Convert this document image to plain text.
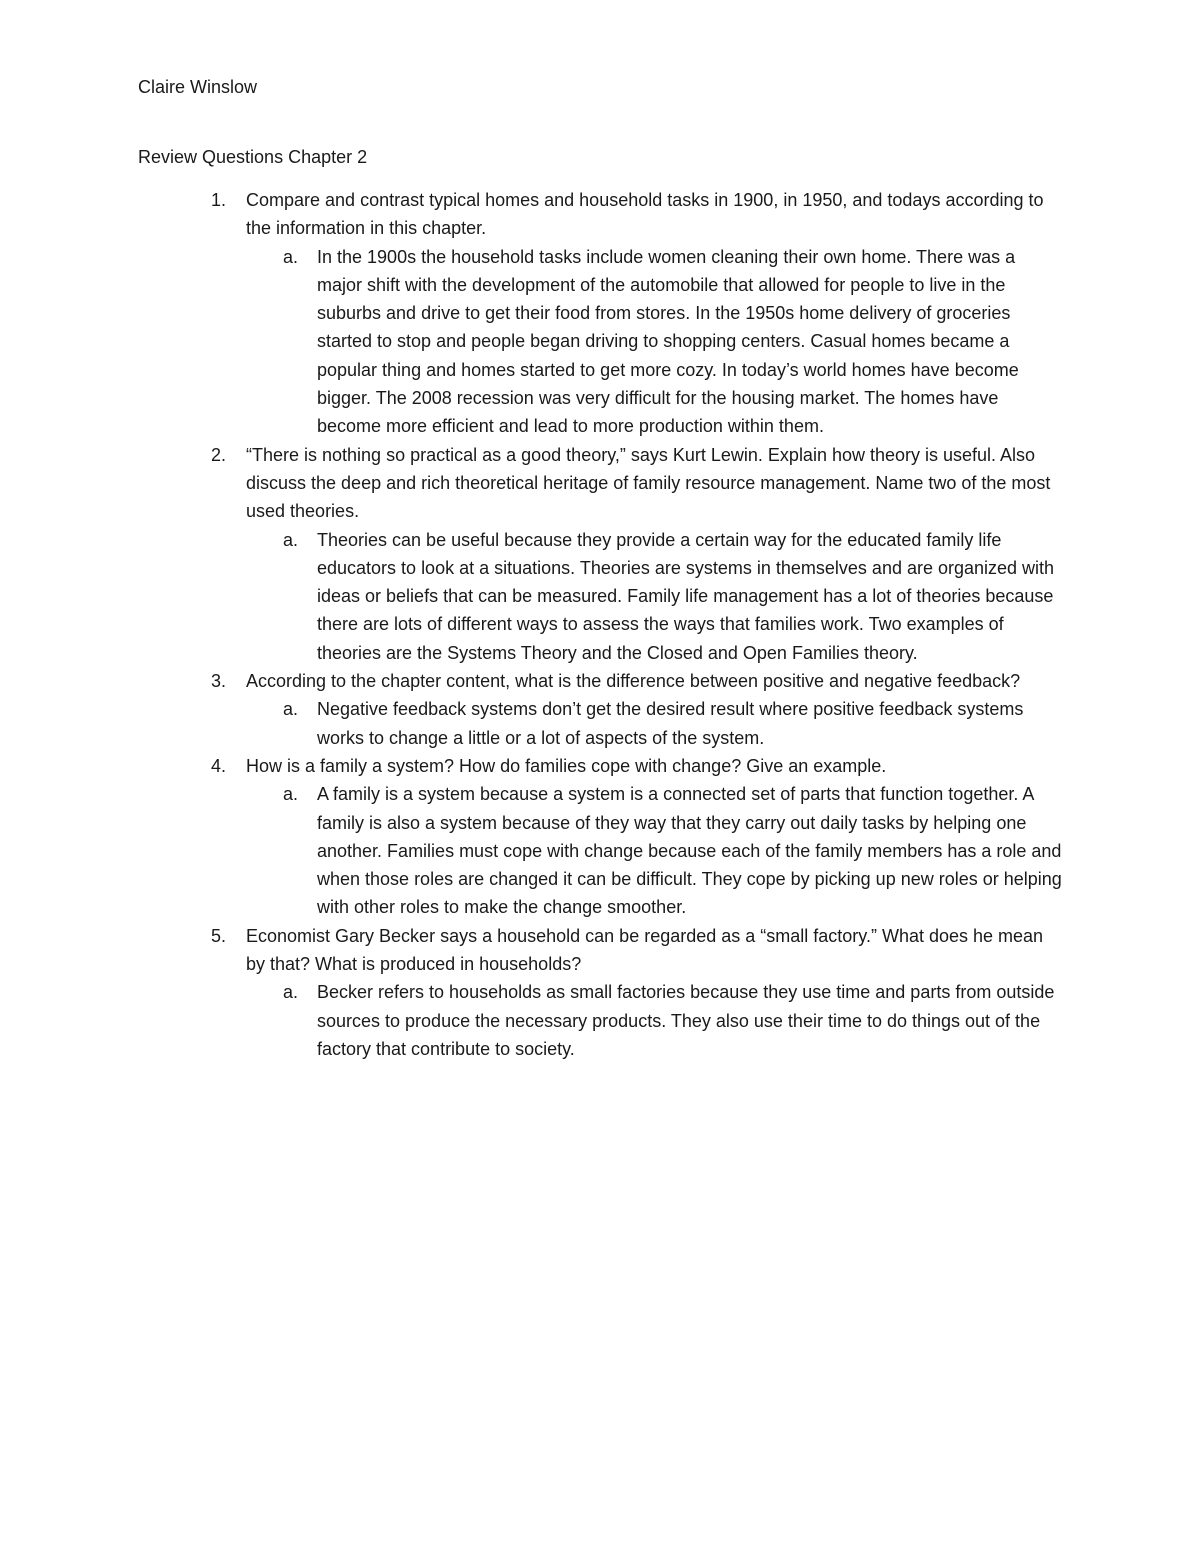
Claire Winslow

Review Questions Chapter 2

1. Compare and contrast typical homes and household tasks in 1900, in 1950, and todays according to the information in this chapter.
a. In the 1900s the household tasks include women cleaning their own home. There was a major shift with the development of the automobile that allowed for people to live in the suburbs and drive to get their food from stores. In the 1950s home delivery of groceries started to stop and people began driving to shopping centers. Casual homes became a popular thing and homes started to get more cozy. In today’s world homes have become bigger. The 2008 recession was very difficult for the housing market. The homes have become more efficient and lead to more production within them.
2. “There is nothing so practical as a good theory,” says Kurt Lewin. Explain how theory is useful. Also discuss the deep and rich theoretical heritage of family resource management. Name two of the most used theories.
a. Theories can be useful because they provide a certain way for the educated family life educators to look at a situations. Theories are systems in themselves and are organized with ideas or beliefs that can be measured. Family life management has a lot of theories because there are lots of different ways to assess the ways that families work. Two examples of theories are the Systems Theory and the Closed and Open Families theory.
3. According to the chapter content, what is the difference between positive and negative feedback?
a. Negative feedback systems don’t get the desired result where positive feedback systems works to change a little or a lot of aspects of the system.
4. How is a family a system? How do families cope with change? Give an example.
a. A family is a system because a system is a connected set of parts that function together. A family is also a system because of they way that they carry out daily tasks by helping one another. Families must cope with change because each of the family members has a role and when those roles are changed it can be difficult. They cope by picking up new roles or helping with other roles to make the change smoother.
5. Economist Gary Becker says a household can be regarded as a “small factory.” What does he mean by that? What is produced in households?
a. Becker refers to households as small factories because they use time and parts from outside sources to produce the necessary products. They also use their time to do things out of the factory that contribute to society.
